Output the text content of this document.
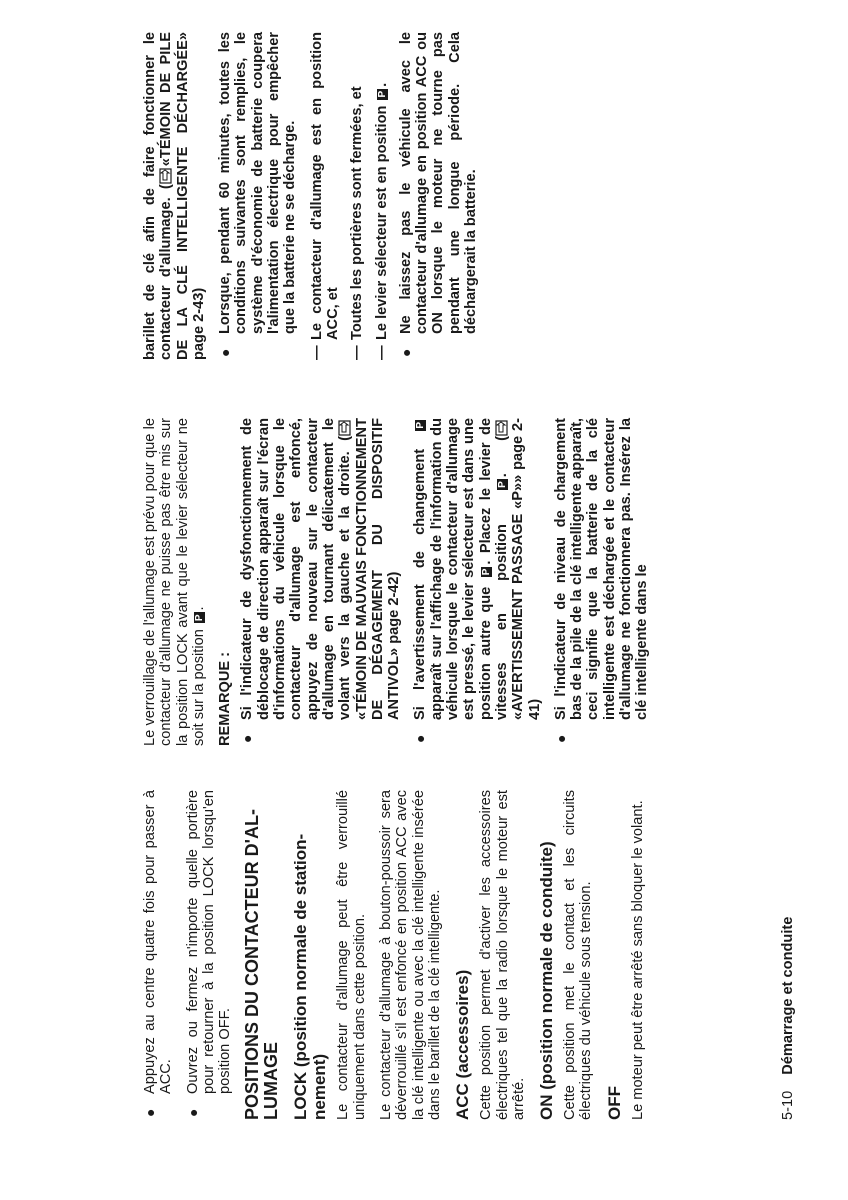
●
Appuyez au centre quatre fois pour passer à ACC.
●
Ouvrez ou fermez n'importe quelle portière pour retourner à la position LOCK lorsqu'en position OFF. POSITIONS DU CONTACTEUR D'AL-LUMAGE LOCK (position normale de station-nement) Le contacteur d'allumage peut être verrouillé uniquement dans cette position. Le contacteur d'allumage à bouton-poussoir sera déverrouillé s'il est enfoncé en position ACC avec la clé intelligente ou avec la clé intelligente insérée dans le barillet de la clé intelligente. ACC (accessoires) Cette position permet d'activer les accessoires électriques tel que la radio lorsque le moteur est arrêté. ON (position normale de conduite) Cette position met le contact et les circuits électriques du véhicule sous tension. OFF Le moteur peut être arrêté sans bloquer le volant.

Le verrouillage de l'allumage est prévu pour que le contacteur d'allumage ne puisse pas être mis sur la position LOCK avant que le levier sélecteur ne soit sur la position P.

REMARQUE : ●
Si l'indicateur de dysfonctionnement de déblocage de direction apparaît sur l'écran d'informations du véhicule lorsque le contacteur d'allumage est enfoncé, appuyez de nouveau sur le contacteur d'allumage en tournant délicatement le volant vers la gauche et la droite. («TÉMOIN DE MAUVAIS FONCTIONNEMENT DE DÉGAGEMENT DU DISPOSITIF ANTIVOL» page 2-42)
●
Si l'avertissement de changement P apparaît sur l'affichage de l'information du véhicule lorsque le contacteur d'allumage est pressé, le levier sélecteur est dans une position autre que P. Placez le levier de vitesses en position P. («AVERTISSEMENT PASSAGE «P»» page 2-41)
●
Si l'indicateur de niveau de chargement bas de la pile de la clé intelligente apparaît, ceci signifie que la batterie de la clé intelligente est déchargée et le contacteur d'allumage ne fonctionnera pas. Insérez la clé intelligente dans le
barillet de clé afin de faire fonctionner le contacteur d'allumage. («TÉMOIN DE PILE DE LA CLÉ INTELLIGENTE DÉCHARGÉE» page 2-43) ●
Lorsque, pendant 60 minutes, toutes les conditions suivantes sont remplies, le système d'économie de batterie coupera l'alimentation électrique pour empêcher que la batterie ne se décharge.
—
Le contacteur d'allumage est en position ACC, et
—
Toutes les portières sont fermées, et
—
Le levier sélecteur est en position P.
●
Ne laissez pas le véhicule avec le contacteur d'allumage en position ACC ou ON lorsque le moteur ne tourne pas pendant une longue période. Cela déchargerait la batterie.
5-10Démarrage et conduite
